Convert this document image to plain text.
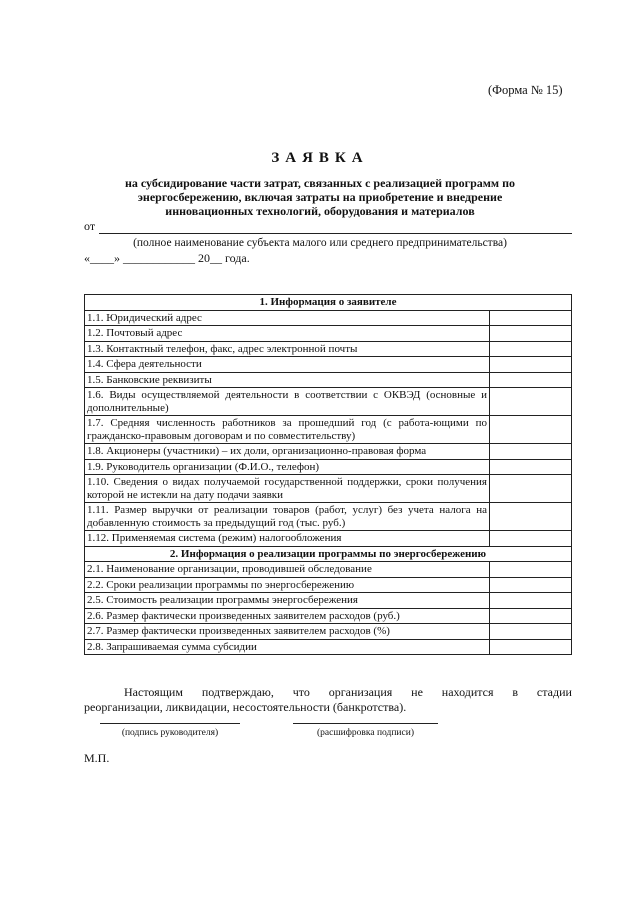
(Форма № 15)
ЗАЯВКА
на субсидирование части затрат, связанных с реализацией программ по энергосбережению, включая затраты на приобретение и внедрение инновационных технологий, оборудования и материалов
от
(полное наименование субъекта малого или среднего предпринимательства)
«____» ____________ 20__ года.
1. Информация о заявителе	
1.1. Юридический адрес	
1.2. Почтовый адрес	
1.3. Контактный телефон, факс, адрес электронной почты	
1.4. Сфера деятельности	
1.5. Банковские реквизиты	
1.6. Виды осуществляемой деятельности в соответствии с ОКВЭД (основные и дополнительные)	
1.7. Средняя численность работников за прошедший год (с работа-ющими по гражданско-правовым договорам и по совместительству)	
1.8. Акционеры (участники) – их доли, организационно-правовая форма	
1.9. Руководитель организации (Ф.И.О., телефон)	
1.10. Сведения о видах получаемой государственной поддержки, сроки получения которой не истекли на дату подачи заявки	
1.11. Размер выручки от реализации товаров (работ, услуг) без учета налога на добавленную стоимость за предыдущий год (тыс. руб.)	
1.12. Применяемая система (режим) налогообложения	
2. Информация о реализации программы по энергосбережению	
2.1. Наименование организации, проводившей обследование	
2.2. Сроки реализации программы по энергосбережению	
2.5. Стоимость реализации программы энергосбережения	
2.6. Размер фактически произведенных заявителем расходов (руб.)	
2.7. Размер фактически произведенных заявителем расходов (%)	
2.8. Запрашиваемая сумма субсидии	
Настоящим подтверждаю, что организация не находится в стадии
реорганизации, ликвидации, несостоятельности (банкротства).
(подпись руководителя)	(расшифровка подписи)
М.П.
